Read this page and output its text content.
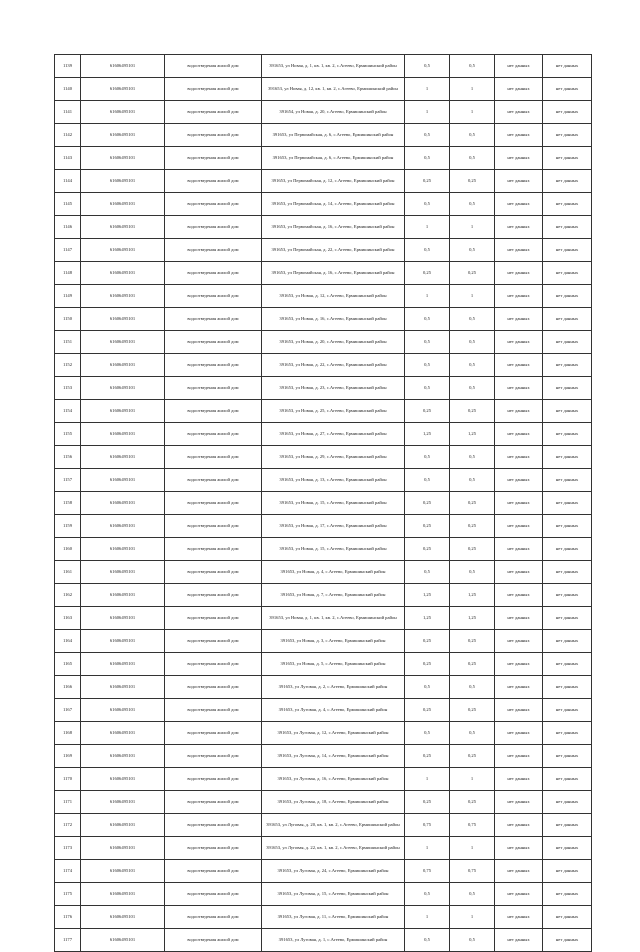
1139	61606495101	водоотведения жилой дом	391653, ул Новая, д. 1, кв. 1, кв. 2, с.Агеево, Ермишинский район	0,5	0,5	нет данных	нет данных
1140	61606495101	водоотведения жилой дом	391653, ул Новая, д. 12, кв. 1, кв. 2, с.Агеево, Ермишинский район	1	1	нет данных	нет данных
1141	61606495101	водоотведения жилой дом	391654, ул Новая, д. 20, с.Агеево, Ермишинский район	1	1	нет данных	нет данных
1142	61606495101	водоотведения жилой дом	391653, ул Первомайская, д. 6, с.Агеево, Ермишинский район	0,5	0,5	нет данных	нет данных
1143	61606495101	водоотведения жилой дом	391653, ул Первомайская, д. 6, с.Агеево, Ермишинский район	0,5	0,5	нет данных	нет данных
1144	61606495101	водоотведения жилой дом	391653, ул Первомайская, д. 12, с.Агеево, Ермишинский район	0,25	0,25	нет данных	нет данных
1145	61606495101	водоотведения жилой дом	391653, ул Первомайская, д. 14, с.Агеево, Ермишинский район	0,5	0,5	нет данных	нет данных
1146	61606495101	водоотведения жилой дом	391653, ул Первомайская, д. 16, с.Агеево, Ермишинский район	1	1	нет данных	нет данных
1147	61606495101	водоотведения жилой дом	391653, ул Первомайская, д. 22, с.Агеево, Ермишинский район	0,5	0,5	нет данных	нет данных
1148	61606495101	водоотведения жилой дом	391653, ул Первомайская, д. 16, с.Агеево, Ермишинский район	0,25	0,25	нет данных	нет данных
1149	61606495101	водоотведения жилой дом	391653, ул Новая, д. 12, с.Агеево, Ермишинский район	1	1	нет данных	нет данных
1150	61606495101	водоотведения жилой дом	391653, ул Новая, д. 16, с.Агеево, Ермишинский район	0,5	0,5	нет данных	нет данных
1151	61606495101	водоотведения жилой дом	391653, ул Новая, д. 20, с.Агеево, Ермишинский район	0,5	0,5	нет данных	нет данных
1152	61606495101	водоотведения жилой дом	391653, ул Новая, д. 22, с.Агеево, Ермишинский район	0,5	0,5	нет данных	нет данных
1153	61606495101	водоотведения жилой дом	391653, ул Новая, д. 23, с.Агеево, Ермишинский район	0,5	0,5	нет данных	нет данных
1154	61606495101	водоотведения жилой дом	391653, ул Новая, д. 25, с.Агеево, Ермишинский район	0,25	0,25	нет данных	нет данных
1155	61606495101	водоотведения жилой дом	391653, ул Новая, д. 27, с.Агеево, Ермишинский район	1,25	1,25	нет данных	нет данных
1156	61606495101	водоотведения жилой дом	391653, ул Новая, д. 29, с.Агеево, Ермишинский район	0,5	0,5	нет данных	нет данных
1157	61606495101	водоотведения жилой дом	391653, ул Новая, д. 13, с.Агеево, Ермишинский район	0,5	0,5	нет данных	нет данных
1158	61606495101	водоотведения жилой дом	391653, ул Новая, д. 15, с.Агеево, Ермишинский район	0,25	0,25	нет данных	нет данных
1159	61606495101	водоотведения жилой дом	391653, ул Новая, д. 17, с.Агеево, Ермишинский район	0,25	0,25	нет данных	нет данных
1160	61606495101	водоотведения жилой дом	391653, ул Новая, д. 15, с.Агеево, Ермишинский район	0,25	0,25	нет данных	нет данных
1161	61606495101	водоотведения жилой дом	391653, ул Новая, д. 4, с.Агеево, Ермишинский район	0,5	0,5	нет данных	нет данных
1162	61606495101	водоотведения жилой дом	391653, ул Новая, д. 7, с.Агеево, Ермишинский район	1,25	1,25	нет данных	нет данных
1163	61606495101	водоотведения жилой дом	391653, ул Новая, д. 1, кв. 1, кв. 2, с.Агеево, Ермишинский район	1,25	1,25	нет данных	нет данных
1164	61606495101	водоотведения жилой дом	391653, ул Новая, д. 3, с.Агеево, Ермишинский район	0,25	0,25	нет данных	нет данных
1165	61606495101	водоотведения жилой дом	391653, ул Новая, д. 5, с.Агеево, Ермишинский район	0,25	0,25	нет данных	нет данных
1166	61606495101	водоотведения жилой дом	391653, ул Луговая, д. 2, с.Агеево, Ермишинский район	0,5	0,5	нет данных	нет данных
1167	61606495101	водоотведения жилой дом	391653, ул Луговая, д. 4, с.Агеево, Ермишинский район	0,25	0,25	нет данных	нет данных
1168	61606495101	водоотведения жилой дом	391653, ул Луговая, д. 12, с.Агеево, Ермишинский район	0,5	0,5	нет данных	нет данных
1169	61606495101	водоотведения жилой дом	391653, ул Луговая, д. 14, с.Агеево, Ермишинский район	0,25	0,25	нет данных	нет данных
1170	61606495101	водоотведения жилой дом	391653, ул Луговая, д. 16, с.Агеево, Ермишинский район	1	1	нет данных	нет данных
1171	61606495101	водоотведения жилой дом	391653, ул Луговая, д. 18, с.Агеево, Ермишинский район	0,25	0,25	нет данных	нет данных
1172	61606495101	водоотведения жилой дом	391653, ул Луговая, д. 20, кв. 1, кв. 2, с.Агеево, Ермишинский район	0,75	0,75	нет данных	нет данных
1173	61606495101	водоотведения жилой дом	391653, ул Луговая, д. 22, кв. 1, кв. 2, с.Агеево, Ермишинский район	1	1	нет данных	нет данных
1174	61606495101	водоотведения жилой дом	391653, ул Луговая, д. 24, с.Агеево, Ермишинский район	0,75	0,75	нет данных	нет данных
1175	61606495101	водоотведения жилой дом	391653, ул Луговая, д. 15, с.Агеево, Ермишинский район	0,5	0,5	нет данных	нет данных
1176	61606495101	водоотведения жилой дом	391653, ул Луговая, д. 11, с.Агеево, Ермишинский район	1	1	нет данных	нет данных
1177	61606495101	водоотведения жилой дом	391653, ул Луговая, д. 1, с.Агеево, Ермишинский район	0,5	0,5	нет данных	нет данных
